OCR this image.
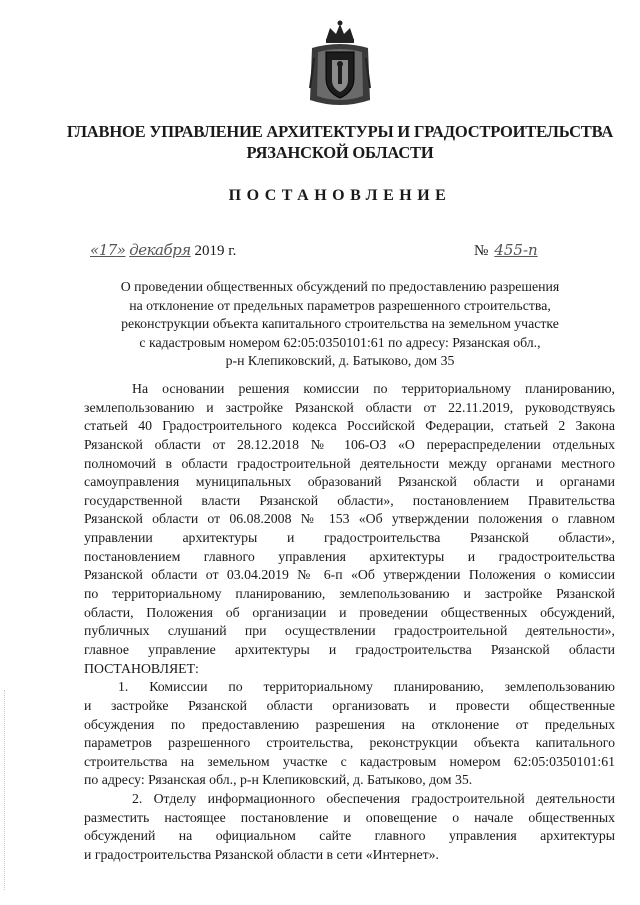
ГЛАВНОЕ УПРАВЛЕНИЕ АРХИТЕКТУРЫ И ГРАДОСТРОИТЕЛЬСТВА
РЯЗАНСКОЙ ОБЛАСТИ
ПОСТАНОВЛЕНИЕ
«17» декабря 2019 г.	№ 455-п
О проведении общественных обсуждений по предоставлению разрешения
на отклонение от предельных параметров разрешенного строительства,
реконструкции объекта капитального строительства на земельном участке
с кадастровым номером 62:05:0350101:61 по адресу: Рязанская обл.,
р-н Клепиковский, д. Батыково, дом 35
На основании решения комиссии по территориальному планированию,
землепользованию и застройке Рязанской области от 22.11.2019, руководствуясь
статьей 40 Градостроительного кодекса Российской Федерации, статьей 2 Закона
Рязанской области от 28.12.2018 № 106-ОЗ «О перераспределении отдельных
полномочий в области градостроительной деятельности между органами местного
самоуправления муниципальных образований Рязанской области и органами
государственной власти Рязанской области», постановлением Правительства
Рязанской области от 06.08.2008 № 153 «Об утверждении положения о главном
управлении архитектуры и градостроительства Рязанской области»,
постановлением главного управления архитектуры и градостроительства
Рязанской области от 03.04.2019 № 6-п «Об утверждении Положения о комиссии
по территориальному планированию, землепользованию и застройке Рязанской
области, Положения об организации и проведении общественных обсуждений,
публичных слушаний при осуществлении градостроительной деятельности»,
главное управление архитектуры и градостроительства Рязанской области
ПОСТАНОВЛЯЕТ:
1. Комиссии по территориальному планированию, землепользованию
и застройке Рязанской области организовать и провести общественные
обсуждения по предоставлению разрешения на отклонение от предельных
параметров разрешенного строительства, реконструкции объекта капитального
строительства на земельном участке с кадастровым номером 62:05:0350101:61
по адресу: Рязанская обл., р-н Клепиковский, д. Батыково, дом 35.
2. Отделу информационного обеспечения градостроительной деятельности
разместить настоящее постановление и оповещение о начале общественных
обсуждений на официальном сайте главного управления архитектуры
и градостроительства Рязанской области в сети «Интернет».
